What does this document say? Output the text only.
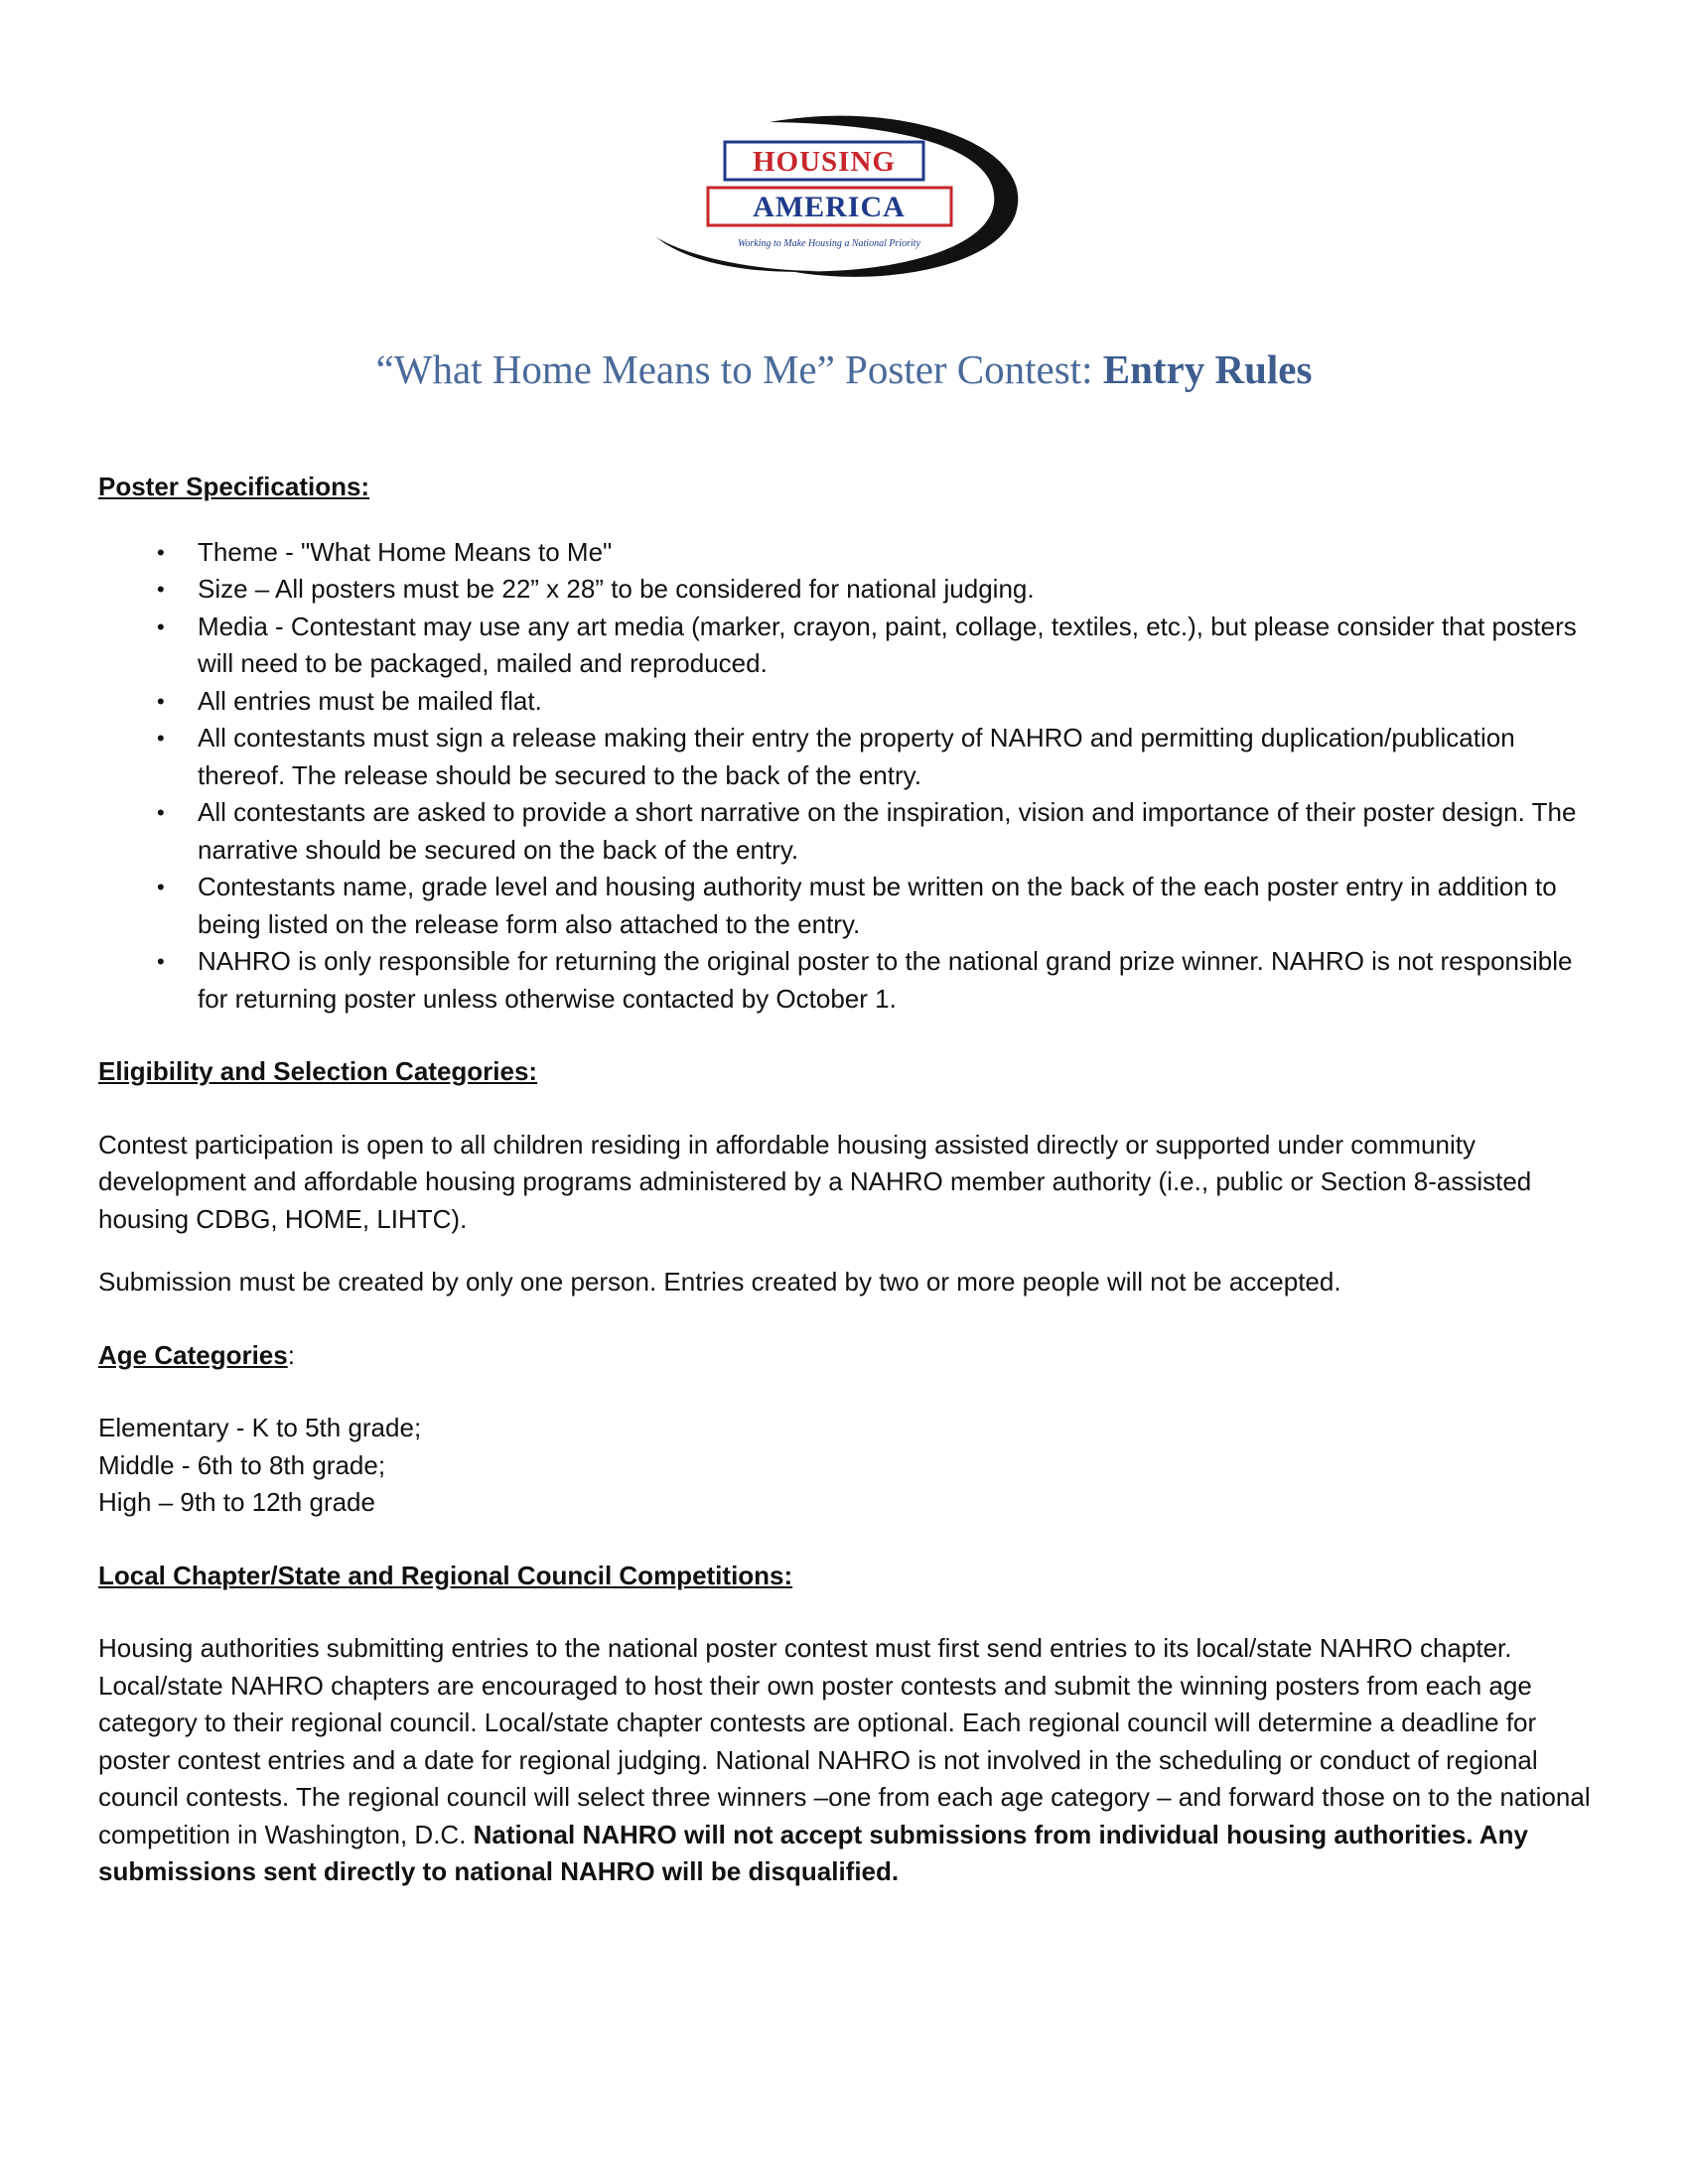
HOUSING
AMERICA
Working to Make Housing a National Priority
“What Home Means to Me” Poster Contest: Entry Rules

Poster Specifications:

• Theme - "What Home Means to Me"
• Size – All posters must be 22” x 28” to be considered for national judging.
• Media - Contestant may use any art media (marker, crayon, paint, collage, textiles, etc.), but please consider that posters will need to be packaged, mailed and reproduced.
• All entries must be mailed flat.
• All contestants must sign a release making their entry the property of NAHRO and permitting duplication/publication thereof. The release should be secured to the back of the entry.
• All contestants are asked to provide a short narrative on the inspiration, vision and importance of their poster design. The narrative should be secured on the back of the entry.
• Contestants name, grade level and housing authority must be written on the back of the each poster entry in addition to being listed on the release form also attached to the entry.
• NAHRO is only responsible for returning the original poster to the national grand prize winner. NAHRO is not responsible for returning poster unless otherwise contacted by October 1.

Eligibility and Selection Categories:

Contest participation is open to all children residing in affordable housing assisted directly or supported under community development and affordable housing programs administered by a NAHRO member authority (i.e., public or Section 8-assisted housing CDBG, HOME, LIHTC).

Submission must be created by only one person. Entries created by two or more people will not be accepted.

Age Categories:

Elementary - K to 5th grade;

Middle - 6th to 8th grade;

High – 9th to 12th grade

Local Chapter/State and Regional Council Competitions:

Housing authorities submitting entries to the national poster contest must first send entries to its local/state NAHRO chapter. Local/state NAHRO chapters are encouraged to host their own poster contests and submit the winning posters from each age category to their regional council. Local/state chapter contests are optional. Each regional council will determine a deadline for poster contest entries and a date for regional judging. National NAHRO is not involved in the scheduling or conduct of regional council contests. The regional council will select three winners –one from each age category – and forward those on to the national competition in Washington, D.C. National NAHRO will not accept submissions from individual housing authorities. Any submissions sent directly to national NAHRO will be disqualified.
